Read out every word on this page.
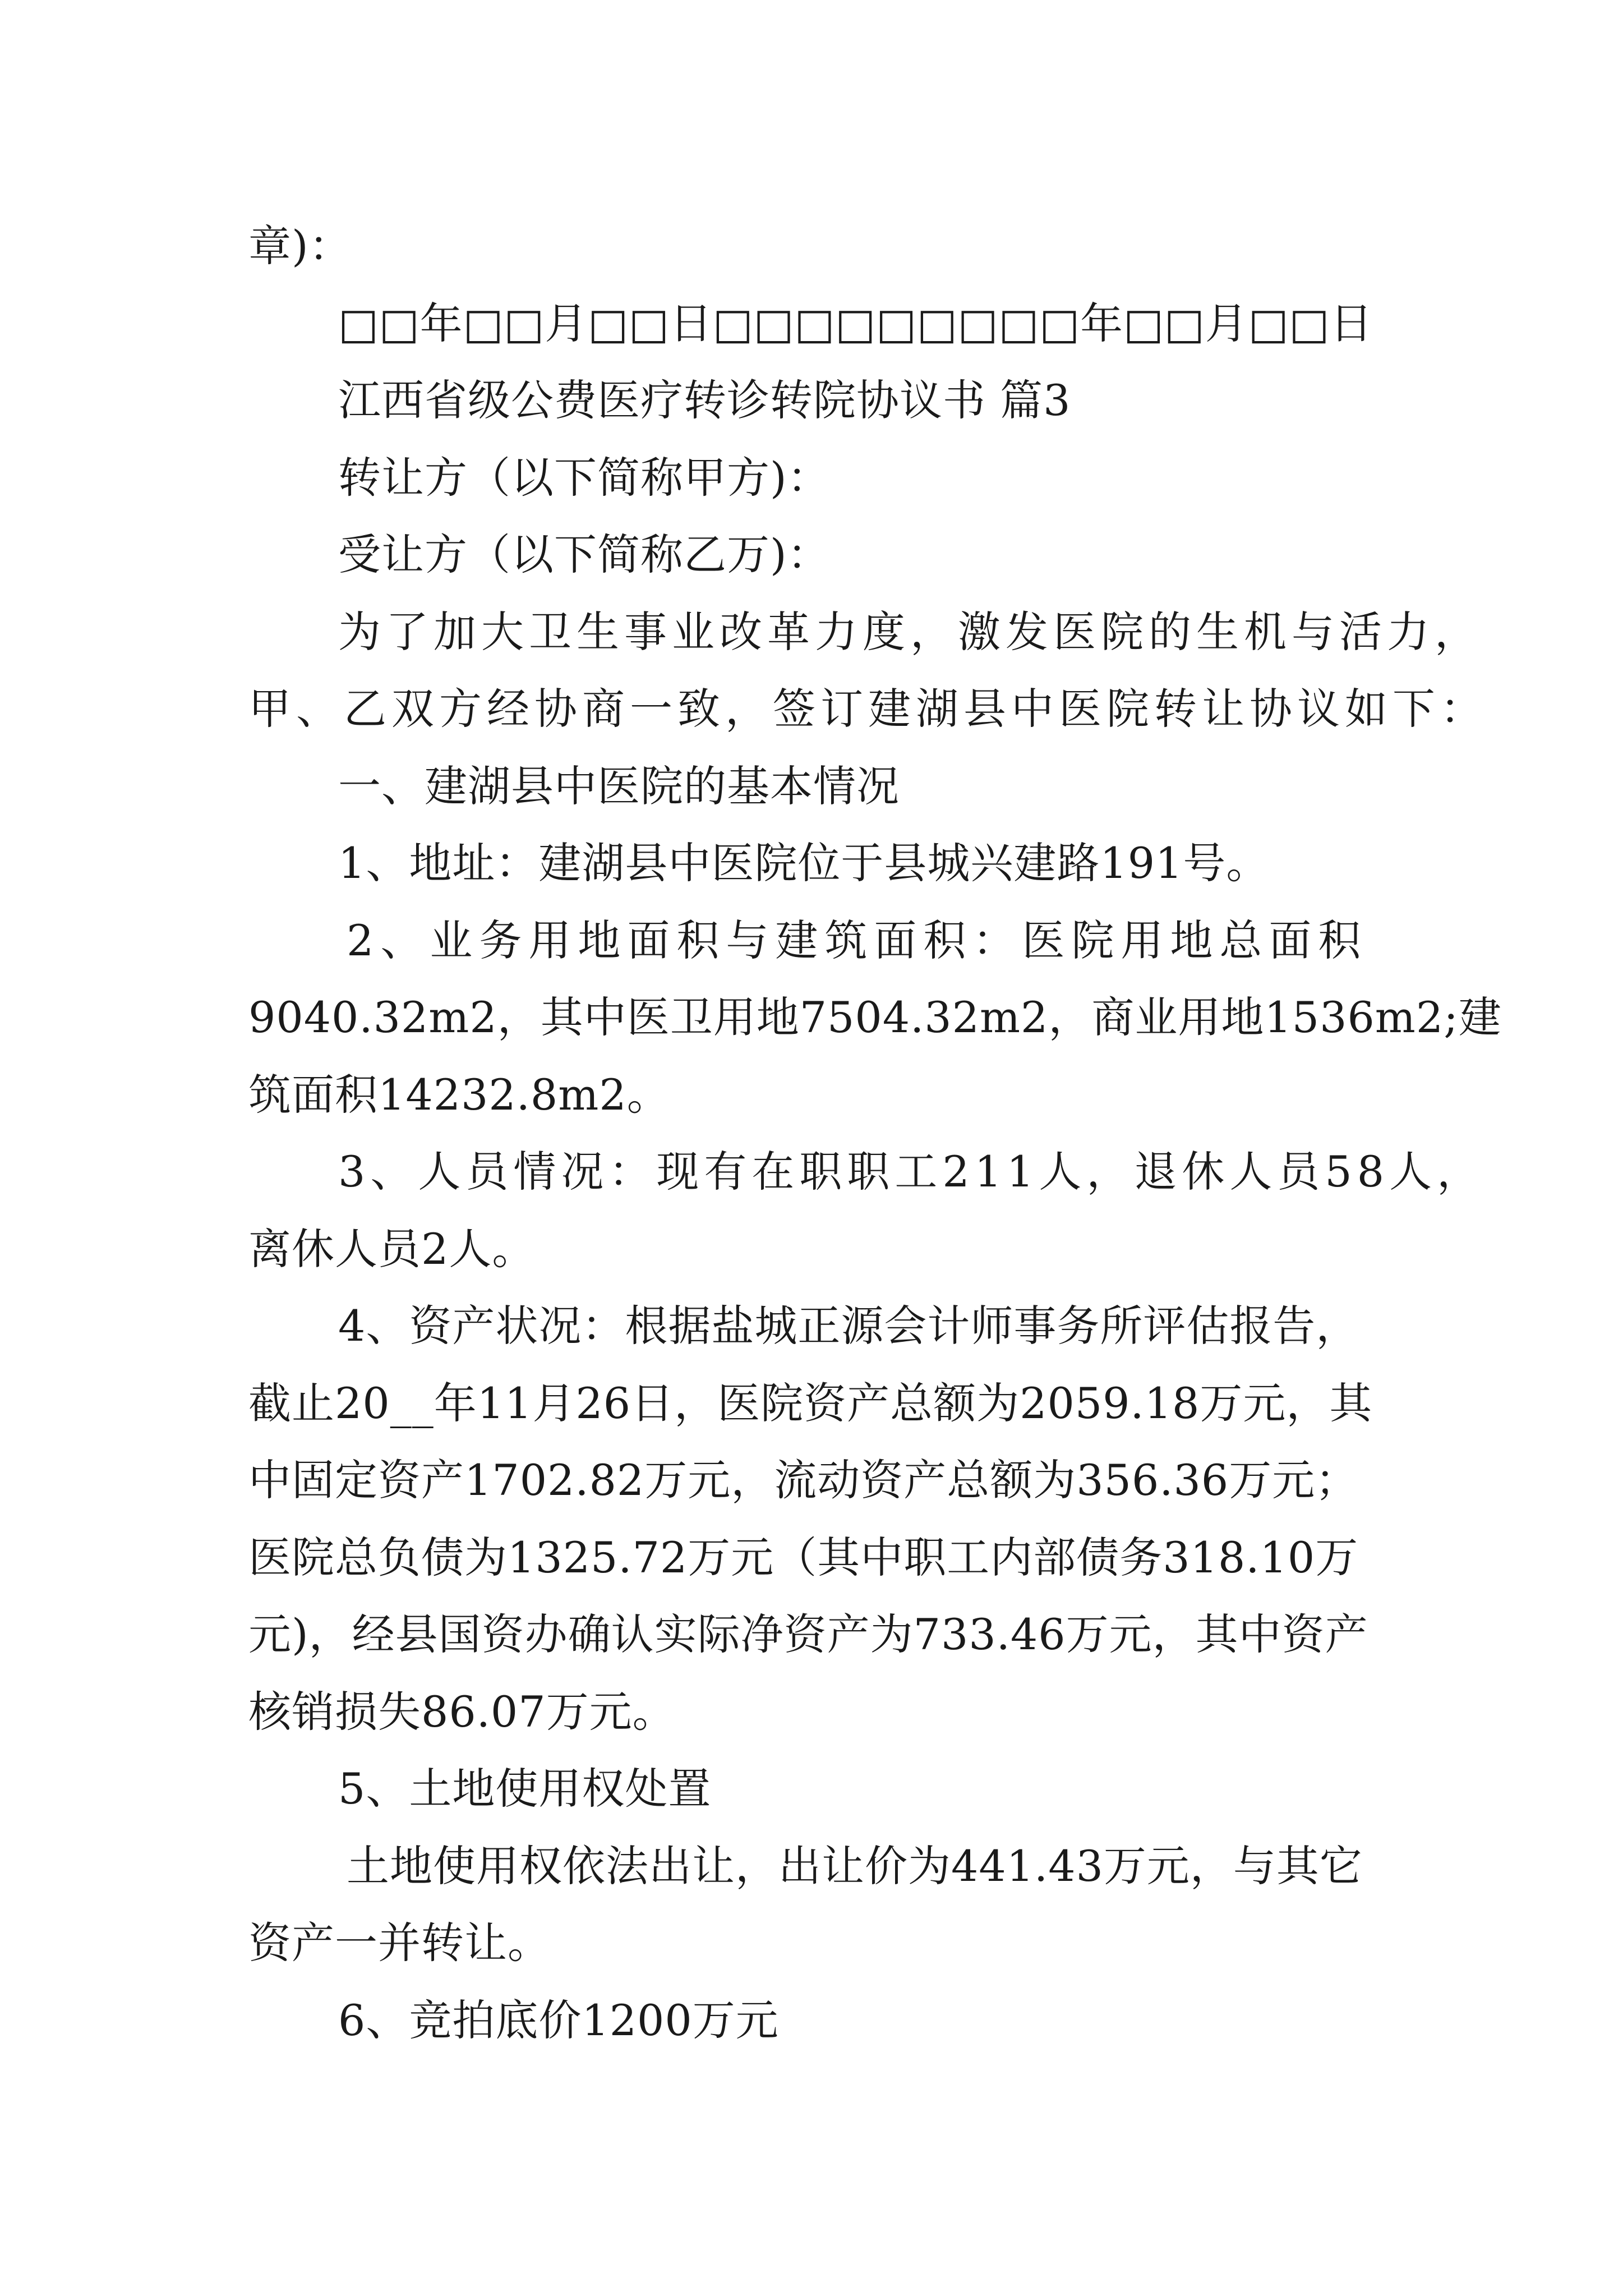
章)：
□□年□□月□□日□□□□□□□□□年□□月□□日
江西省级公费医疗转诊转院协议书 篇3
转让方（以下简称甲方)：
受让方（以下简称乙万)：
为了加大卫生事业改革力度，激发医院的生机与活力，
甲、乙双方经协商一致，签订建湖县中医院转让协议如下：
一、建湖县中医院的基本情况
1、地址：建湖县中医院位于县城兴建路191号。
2、业务用地面积与建筑面积：医院用地总面积
9040.32m2，其中医卫用地7504.32m2，商业用地1536m2;建
筑面积14232.8m2。
3、人员情况：现有在职职工211人，退休人员58人，
离休人员2人。
4、资产状况：根据盐城正源会计师事务所评估报告，
截止20__年11月26日，医院资产总额为2059.18万元，其
中固定资产1702.82万元，流动资产总额为356.36万元；
医院总负债为1325.72万元（其中职工内部债务318.10万
元)，经县国资办确认实际净资产为733.46万元，其中资产
核销损失86.07万元。
5、土地使用权处置
土地使用权依法出让，出让价为441.43万元，与其它
资产一并转让。
6、竞拍底价1200万元
